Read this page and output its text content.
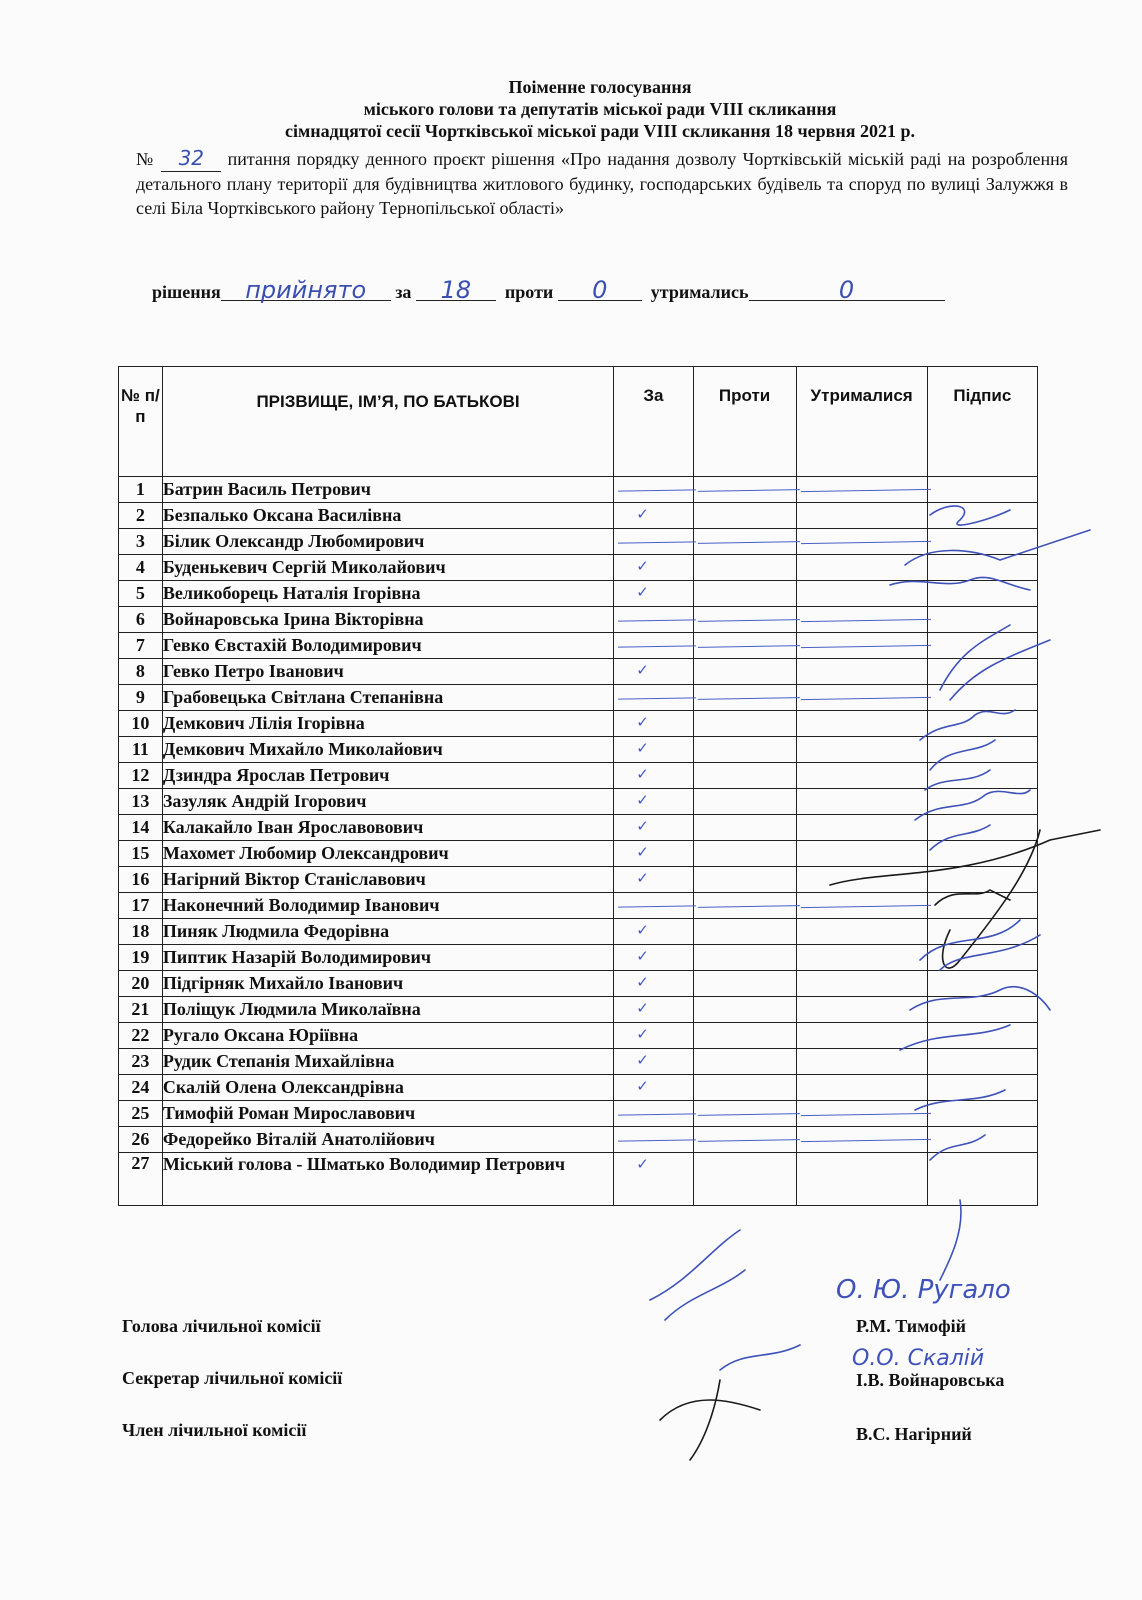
Поіменне голосування
міського голови та депутатів міської ради VIII скликання
сімнадцятої сесії Чортківської міської ради VIII скликання 18 червня 2021 р.
№ 32 питання порядку денного проєкт рішення «Про надання дозволу Чортківській міській раді на розроблення детального плану території для будівництва житлового будинку, господарських будівель та споруд по вулиці Залужжя в селі Біла Чортківського району Тернопільської області»
рішення прийнято за 18 проти 0 утримались	0
№ п/п	ПРІЗВИЩЕ, ІМ’Я, ПО БАТЬКОВІ	За	Проти	Утрималися	Підпис
1	Батрин Василь Петрович	

2	Безпалько Оксана Василівна	✓			

3	Білик Олександр Любомирович	

4	Буденькевич Сергій Миколайович	✓			

5	Великоборець Наталія Ігорівна	✓			

6	Войнаровська Ірина Вікторівна	

7	Гевко Євстахій Володимирович	

8	Гевко Петро Іванович	✓			

9	Грабовецька Світлана Степанівна	

10	Демкович Лілія Ігорівна	✓			

11	Демкович Михайло Миколайович	✓			

12	Дзиндра Ярослав Петрович	✓			

13	Зазуляк Андрій Ігорович	✓			

14	Калакайло Іван Ярославовович	✓			

15	Махомет Любомир Олександрович	✓			

16	Нагірний Віктор Станіславович	✓			

17	Наконечний Володимир Іванович	

18	Пиняк Людмила Федорівна	✓			

19	Пиптик Назарій Володимирович	✓			

20	Підгірняк Михайло Іванович	✓			

21	Поліщук Людмила Миколаївна	✓			

22	Ругало Оксана Юріївна	✓			

23	Рудик Степанія Михайлівна	✓			

24	Скалій Олена Олександрівна	✓			

25	Тимофій Роман Мирославович	

26	Федорейко Віталій Анатолійович	

27	Міський голова - Шматько Володимир Петрович	✓			

О. Ю. Ругало
О.О. Скалій
Голова лічильної комісії	Р.М. Тимофій
Секретар лічильної комісії	І.В. Войнаровська
Член лічильної комісії	В.С. Нагірний
